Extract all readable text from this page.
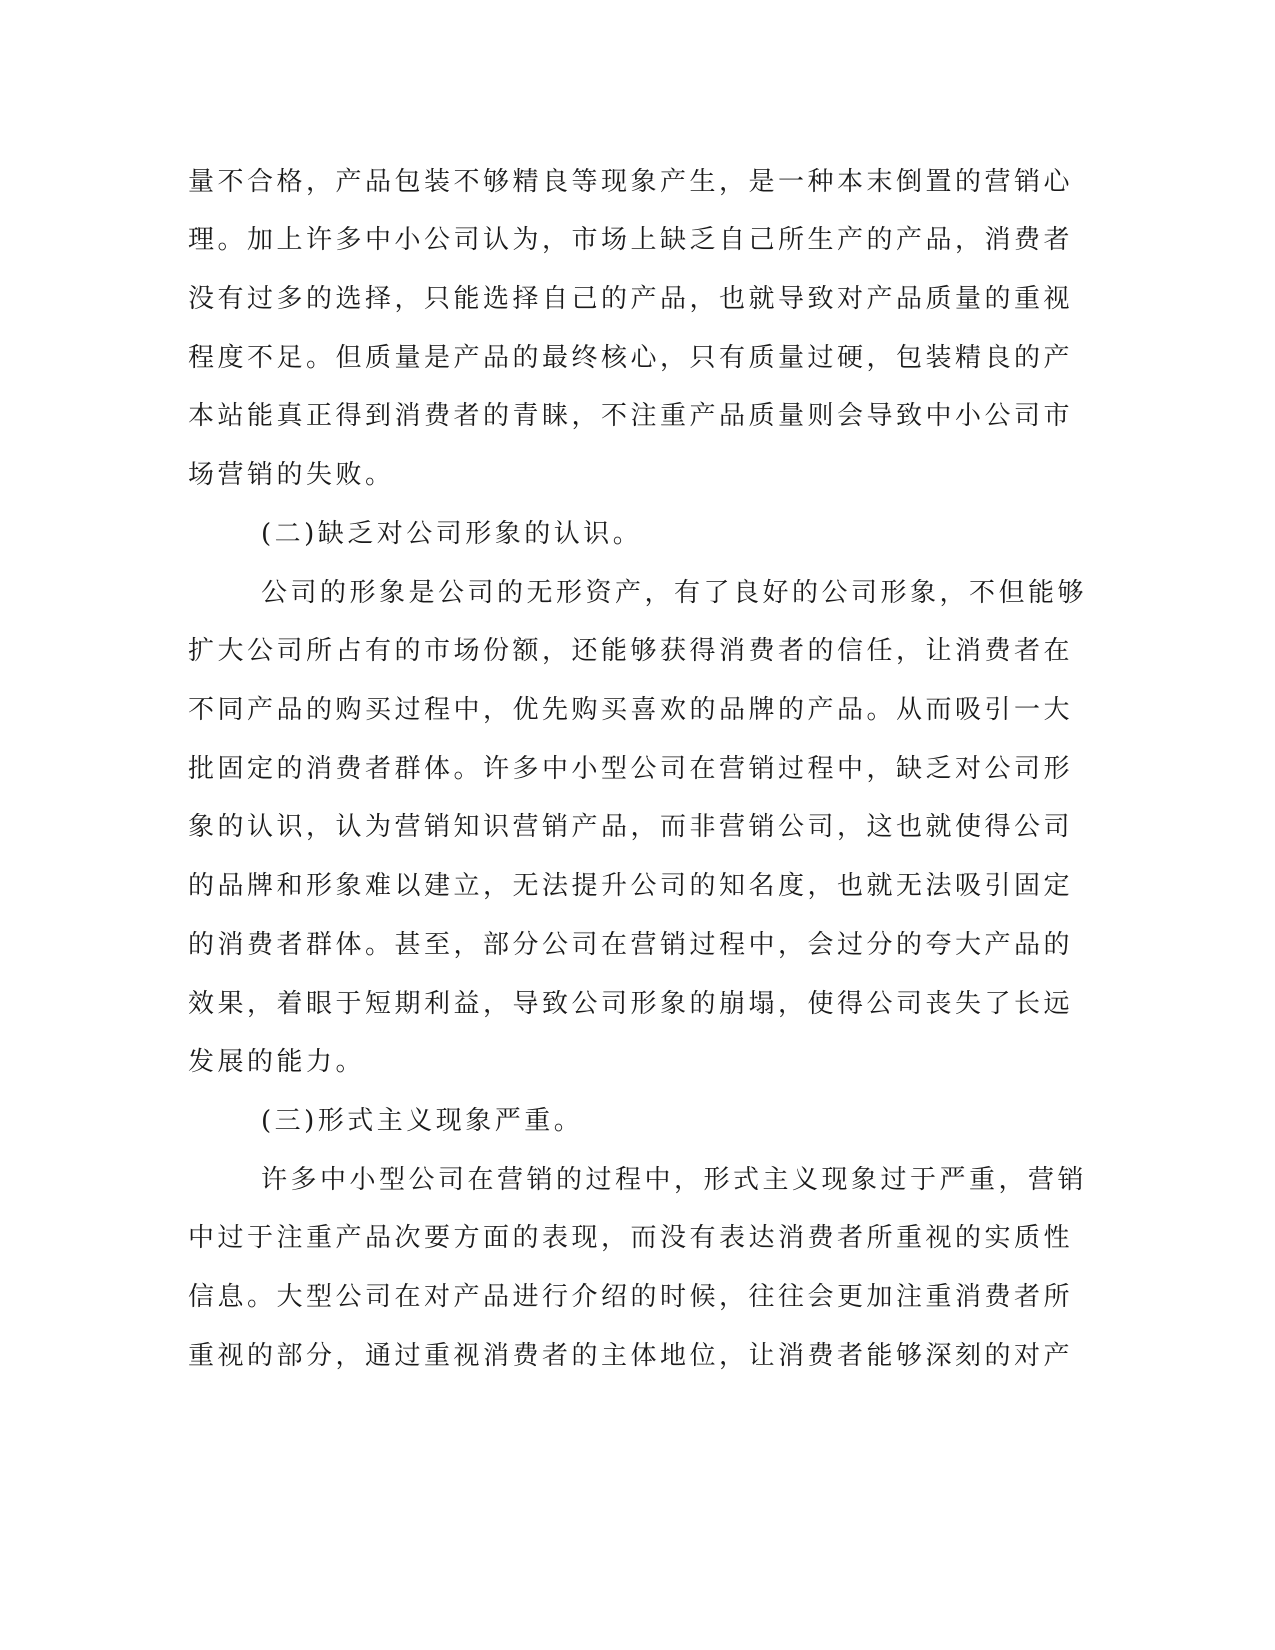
量不合格，产品包装不够精良等现象产生，是一种本末倒置的营销心

理。加上许多中小公司认为，市场上缺乏自己所生产的产品，消费者

没有过多的选择，只能选择自己的产品，也就导致对产品质量的重视

程度不足。但质量是产品的最终核心，只有质量过硬，包装精良的产

本站能真正得到消费者的青睐，不注重产品质量则会导致中小公司市

场营销的失败。

(二)缺乏对公司形象的认识。

公司的形象是公司的无形资产，有了良好的公司形象，不但能够

扩大公司所占有的市场份额，还能够获得消费者的信任，让消费者在

不同产品的购买过程中，优先购买喜欢的品牌的产品。从而吸引一大

批固定的消费者群体。许多中小型公司在营销过程中，缺乏对公司形

象的认识，认为营销知识营销产品，而非营销公司，这也就使得公司

的品牌和形象难以建立，无法提升公司的知名度，也就无法吸引固定

的消费者群体。甚至，部分公司在营销过程中，会过分的夸大产品的

效果，着眼于短期利益，导致公司形象的崩塌，使得公司丧失了长远

发展的能力。

(三)形式主义现象严重。

许多中小型公司在营销的过程中，形式主义现象过于严重，营销

中过于注重产品次要方面的表现，而没有表达消费者所重视的实质性

信息。大型公司在对产品进行介绍的时候，往往会更加注重消费者所

重视的部分，通过重视消费者的主体地位，让消费者能够深刻的对产
